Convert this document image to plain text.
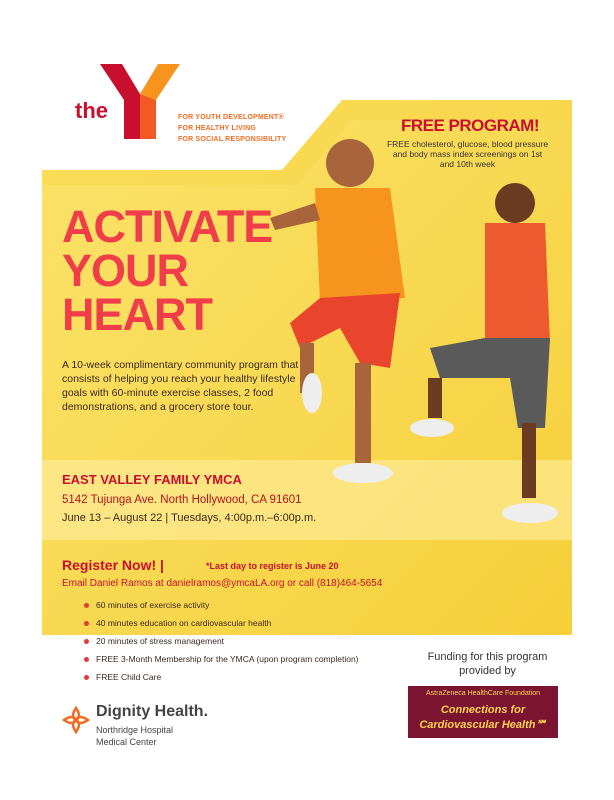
the	FOR YOUTH DEVELOPMENT®
FOR HEALTHY LIVING
FOR SOCIAL RESPONSIBILITY
FREE PROGRAM!
FREE cholesterol, glucose, blood pressure and body mass index screenings on 1st and 10th week
ACTIVATE
YOUR
HEART
A 10-week complimentary community program that consists of helping you reach your healthy lifestyle goals with 60-minute exercise classes, 2 food demonstrations, and a grocery store tour.
EAST VALLEY FAMILY YMCA
5142 Tujunga Ave. North Hollywood, CA 91601
June 13 – August 22 | Tuesdays, 4:00p.m.–6:00p.m.
Register Now! |	*Last day to register is June 20
Email Daniel Ramos at danielramos@ymcaLA.org or call (818)464-5654
60 minutes of exercise activity
40 minutes education on cardiovascular health
20 minutes of stress management
FREE 3-Month Membership for the YMCA (upon program completion)
FREE Child Care
Funding for this program provided by
AstraZeneca HealthCare Foundation
Connections for
Cardiovascular Health℠
Dignity Health.
Northridge Hospital
Medical Center
